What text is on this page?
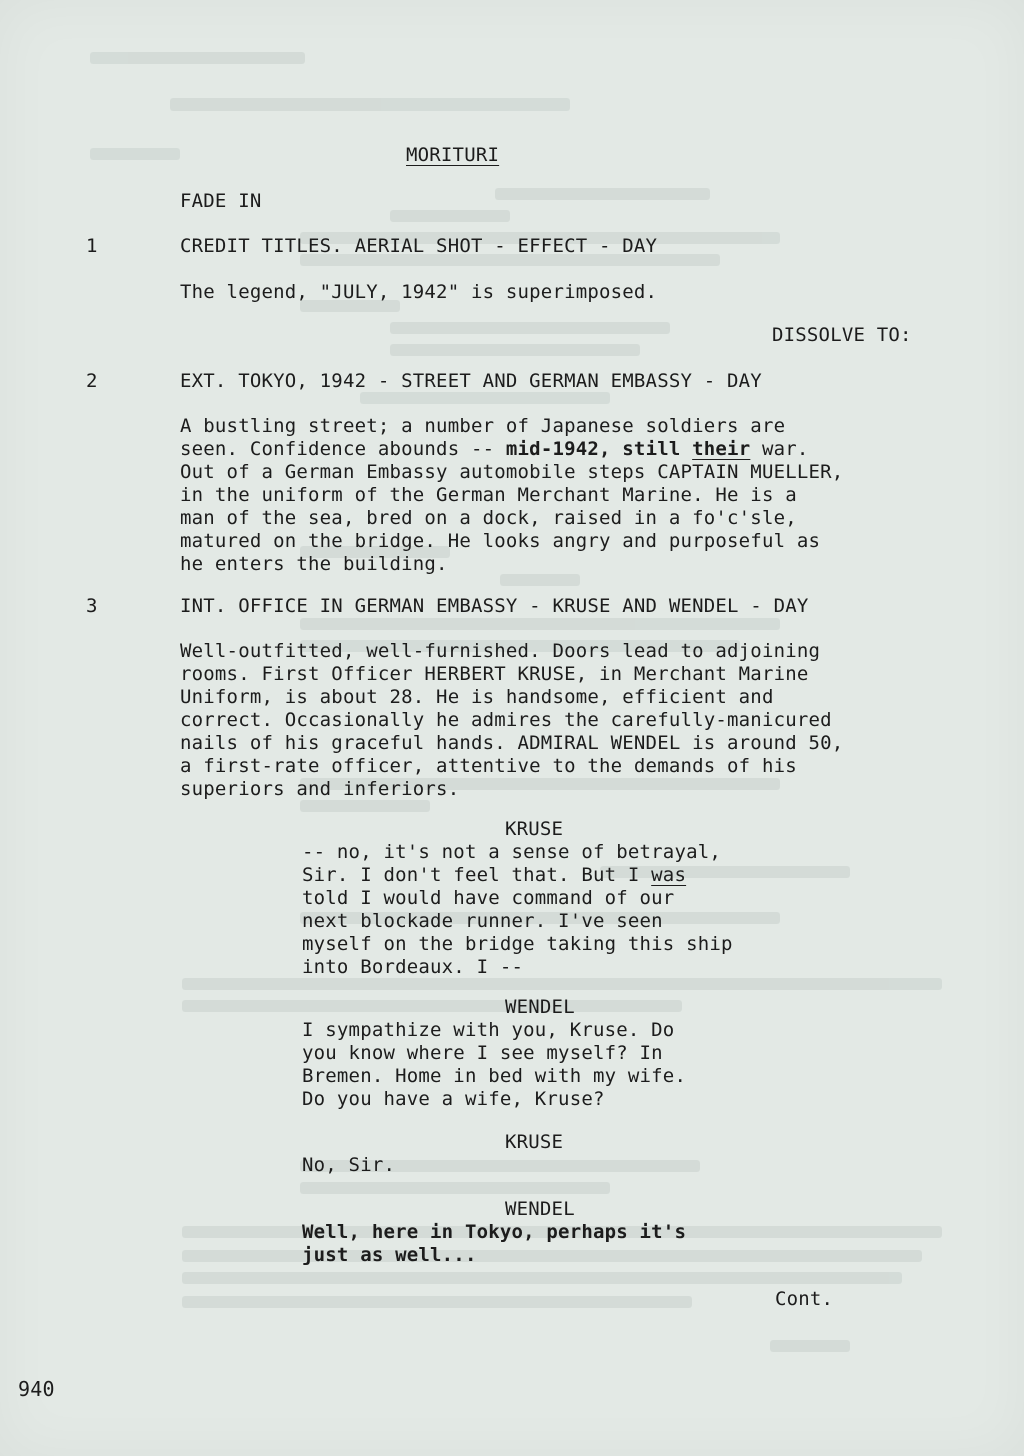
MORITURI

FADE IN

1	CREDIT TITLES. AERIAL SHOT - EFFECT - DAY

The legend, "JULY, 1942" is superimposed.

DISSOLVE TO:

2	EXT. TOKYO, 1942 - STREET AND GERMAN EMBASSY - DAY

A bustling street; a number of Japanese soldiers are

seen. Confidence abounds -- mid-1942, still their war.

Out of a German Embassy automobile steps CAPTAIN MUELLER,

in the uniform of the German Merchant Marine. He is a

man of the sea, bred on a dock, raised in a fo'c'sle,

matured on the bridge. He looks angry and purposeful as

he enters the building.

3	INT. OFFICE IN GERMAN EMBASSY - KRUSE AND WENDEL - DAY

Well-outfitted, well-furnished. Doors lead to adjoining

rooms. First Officer HERBERT KRUSE, in Merchant Marine

Uniform, is about 28. He is handsome, efficient and

correct. Occasionally he admires the carefully-manicured

nails of his graceful hands. ADMIRAL WENDEL is around 50,

a first-rate officer, attentive to the demands of his

superiors and inferiors.

KRUSE

-- no, it's not a sense of betrayal,

Sir. I don't feel that. But I was

told I would have command of our

next blockade runner. I've seen

myself on the bridge taking this ship

into Bordeaux. I --

WENDEL

I sympathize with you, Kruse. Do

you know where I see myself? In

Bremen. Home in bed with my wife.

Do you have a wife, Kruse?

KRUSE

No, Sir.

WENDEL

Well, here in Tokyo, perhaps it's

just as well...

Cont.

940
